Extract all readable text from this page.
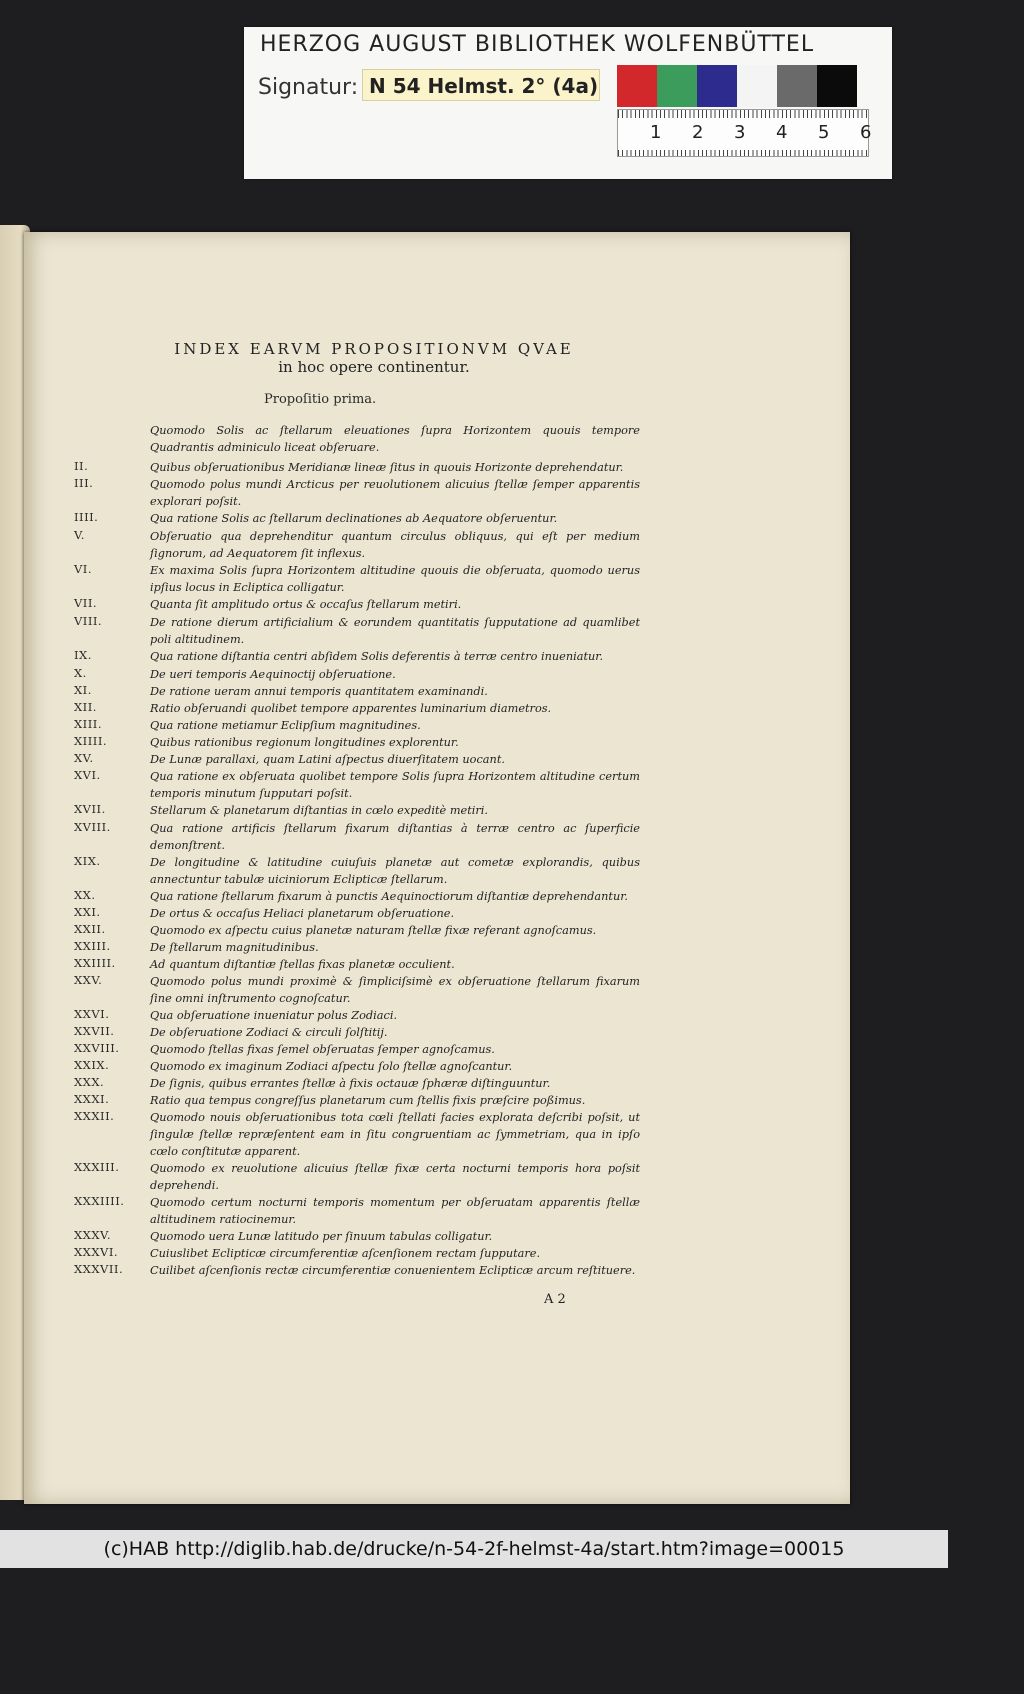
HERZOG AUGUST BIBLIOTHEK WOLFENBÜTTEL
Signatur: N 54 Helmst. 2° (4a)
1 2 3 4 5 6
INDEX EARVM PROPOSITIONVM QVAE
in hoc opere continentur.
Propoſitio prima.
Quomodo Solis ac ſtellarum eleuationes ſupra Horizontem quouis tempore Quadrantis adminiculo liceat obſeruare.
II.	Quibus obſeruationibus Meridianæ lineæ ſitus in quouis Horizonte deprehendatur.
III.	Quomodo polus mundi Arcticus per reuolutionem alicuius ſtellæ ſemper apparentis explorari poſsit.
IIII.	Qua ratione Solis ac ſtellarum declinationes ab Aequatore obſeruentur.
V.	Obſeruatio qua deprehenditur quantum circulus obliquus, qui eſt per medium ſignorum, ad Aequatorem ſit inflexus.
VI.	Ex maxima Solis ſupra Horizontem altitudine quouis die obſeruata, quomodo uerus ipſius locus in Ecliptica colligatur.
VII.	Quanta ſit amplitudo ortus & occaſus ſtellarum metiri.
VIII.	De ratione dierum artificialium & eorundem quantitatis ſupputatione ad quamlibet poli altitudinem.
IX.	Qua ratione diſtantia centri abſidem Solis deferentis à terræ centro inueniatur.
X.	De ueri temporis Aequinoctij obſeruatione.
XI.	De ratione ueram annui temporis quantitatem examinandi.
XII.	Ratio obſeruandi quolibet tempore apparentes luminarium diametros.
XIII.	Qua ratione metiamur Eclipſium magnitudines.
XIIII.	Quibus rationibus regionum longitudines explorentur.
XV.	De Lunæ parallaxi, quam Latini aſpectus diuerſitatem uocant.
XVI.	Qua ratione ex obſeruata quolibet tempore Solis ſupra Horizontem altitudine certum temporis minutum ſupputari poſsit.
XVII.	Stellarum & planetarum diſtantias in cœlo expeditè metiri.
XVIII.	Qua ratione artificis ſtellarum fixarum diſtantias à terræ centro ac ſuperficie demonſtrent.
XIX.	De longitudine & latitudine cuiuſuis planetæ aut cometæ explorandis, quibus annectuntur tabulæ uiciniorum Eclipticæ ſtellarum.
XX.	Qua ratione ſtellarum fixarum à punctis Aequinoctiorum diſtantiæ deprehendantur.
XXI.	De ortus & occaſus Heliaci planetarum obſeruatione.
XXII.	Quomodo ex aſpectu cuius planetæ naturam ſtellæ fixæ referant agnoſcamus.
XXIII.	De ſtellarum magnitudinibus.
XXIIII.	Ad quantum diſtantiæ ſtellas fixas planetæ occulient.
XXV.	Quomodo polus mundi proximè & ſimpliciſsimè ex obſeruatione ſtellarum fixarum ſine omni inſtrumento cognoſcatur.
XXVI.	Qua obſeruatione inueniatur polus Zodiaci.
XXVII.	De obſeruatione Zodiaci & circuli ſolſtitij.
XXVIII.	Quomodo ſtellas fixas ſemel obſeruatas ſemper agnoſcamus.
XXIX.	Quomodo ex imaginum Zodiaci aſpectu ſolo ſtellæ agnoſcantur.
XXX.	De ſignis, quibus errantes ſtellæ à fixis octauæ ſphæræ diſtinguuntur.
XXXI.	Ratio qua tempus congreſſus planetarum cum ſtellis fixis præſcire poßimus.
XXXII.	Quomodo nouis obſeruationibus tota cœli ſtellati facies explorata deſcribi poſsit, ut ſingulæ ſtellæ repræſentent eam in ſitu congruentiam ac ſymmetriam, qua in ipſo cœlo conſtitutæ apparent.
XXXIII.	Quomodo ex reuolutione alicuius ſtellæ fixæ certa nocturni temporis hora poſsit deprehendi.
XXXIIII.	Quomodo certum nocturni temporis momentum per obſeruatam apparentis ſtellæ altitudinem ratiocinemur.
XXXV.	Quomodo uera Lunæ latitudo per ſinuum tabulas colligatur.
XXXVI.	Cuiuslibet Eclipticæ circumferentiæ aſcenſionem rectam ſupputare.
XXXVII.	Cuilibet aſcenſionis rectæ circumferentiæ conuenientem Eclipticæ arcum reſtituere.
A 2
(c)HAB http://diglib.hab.de/drucke/n-54-2f-helmst-4a/start.htm?image=00015
